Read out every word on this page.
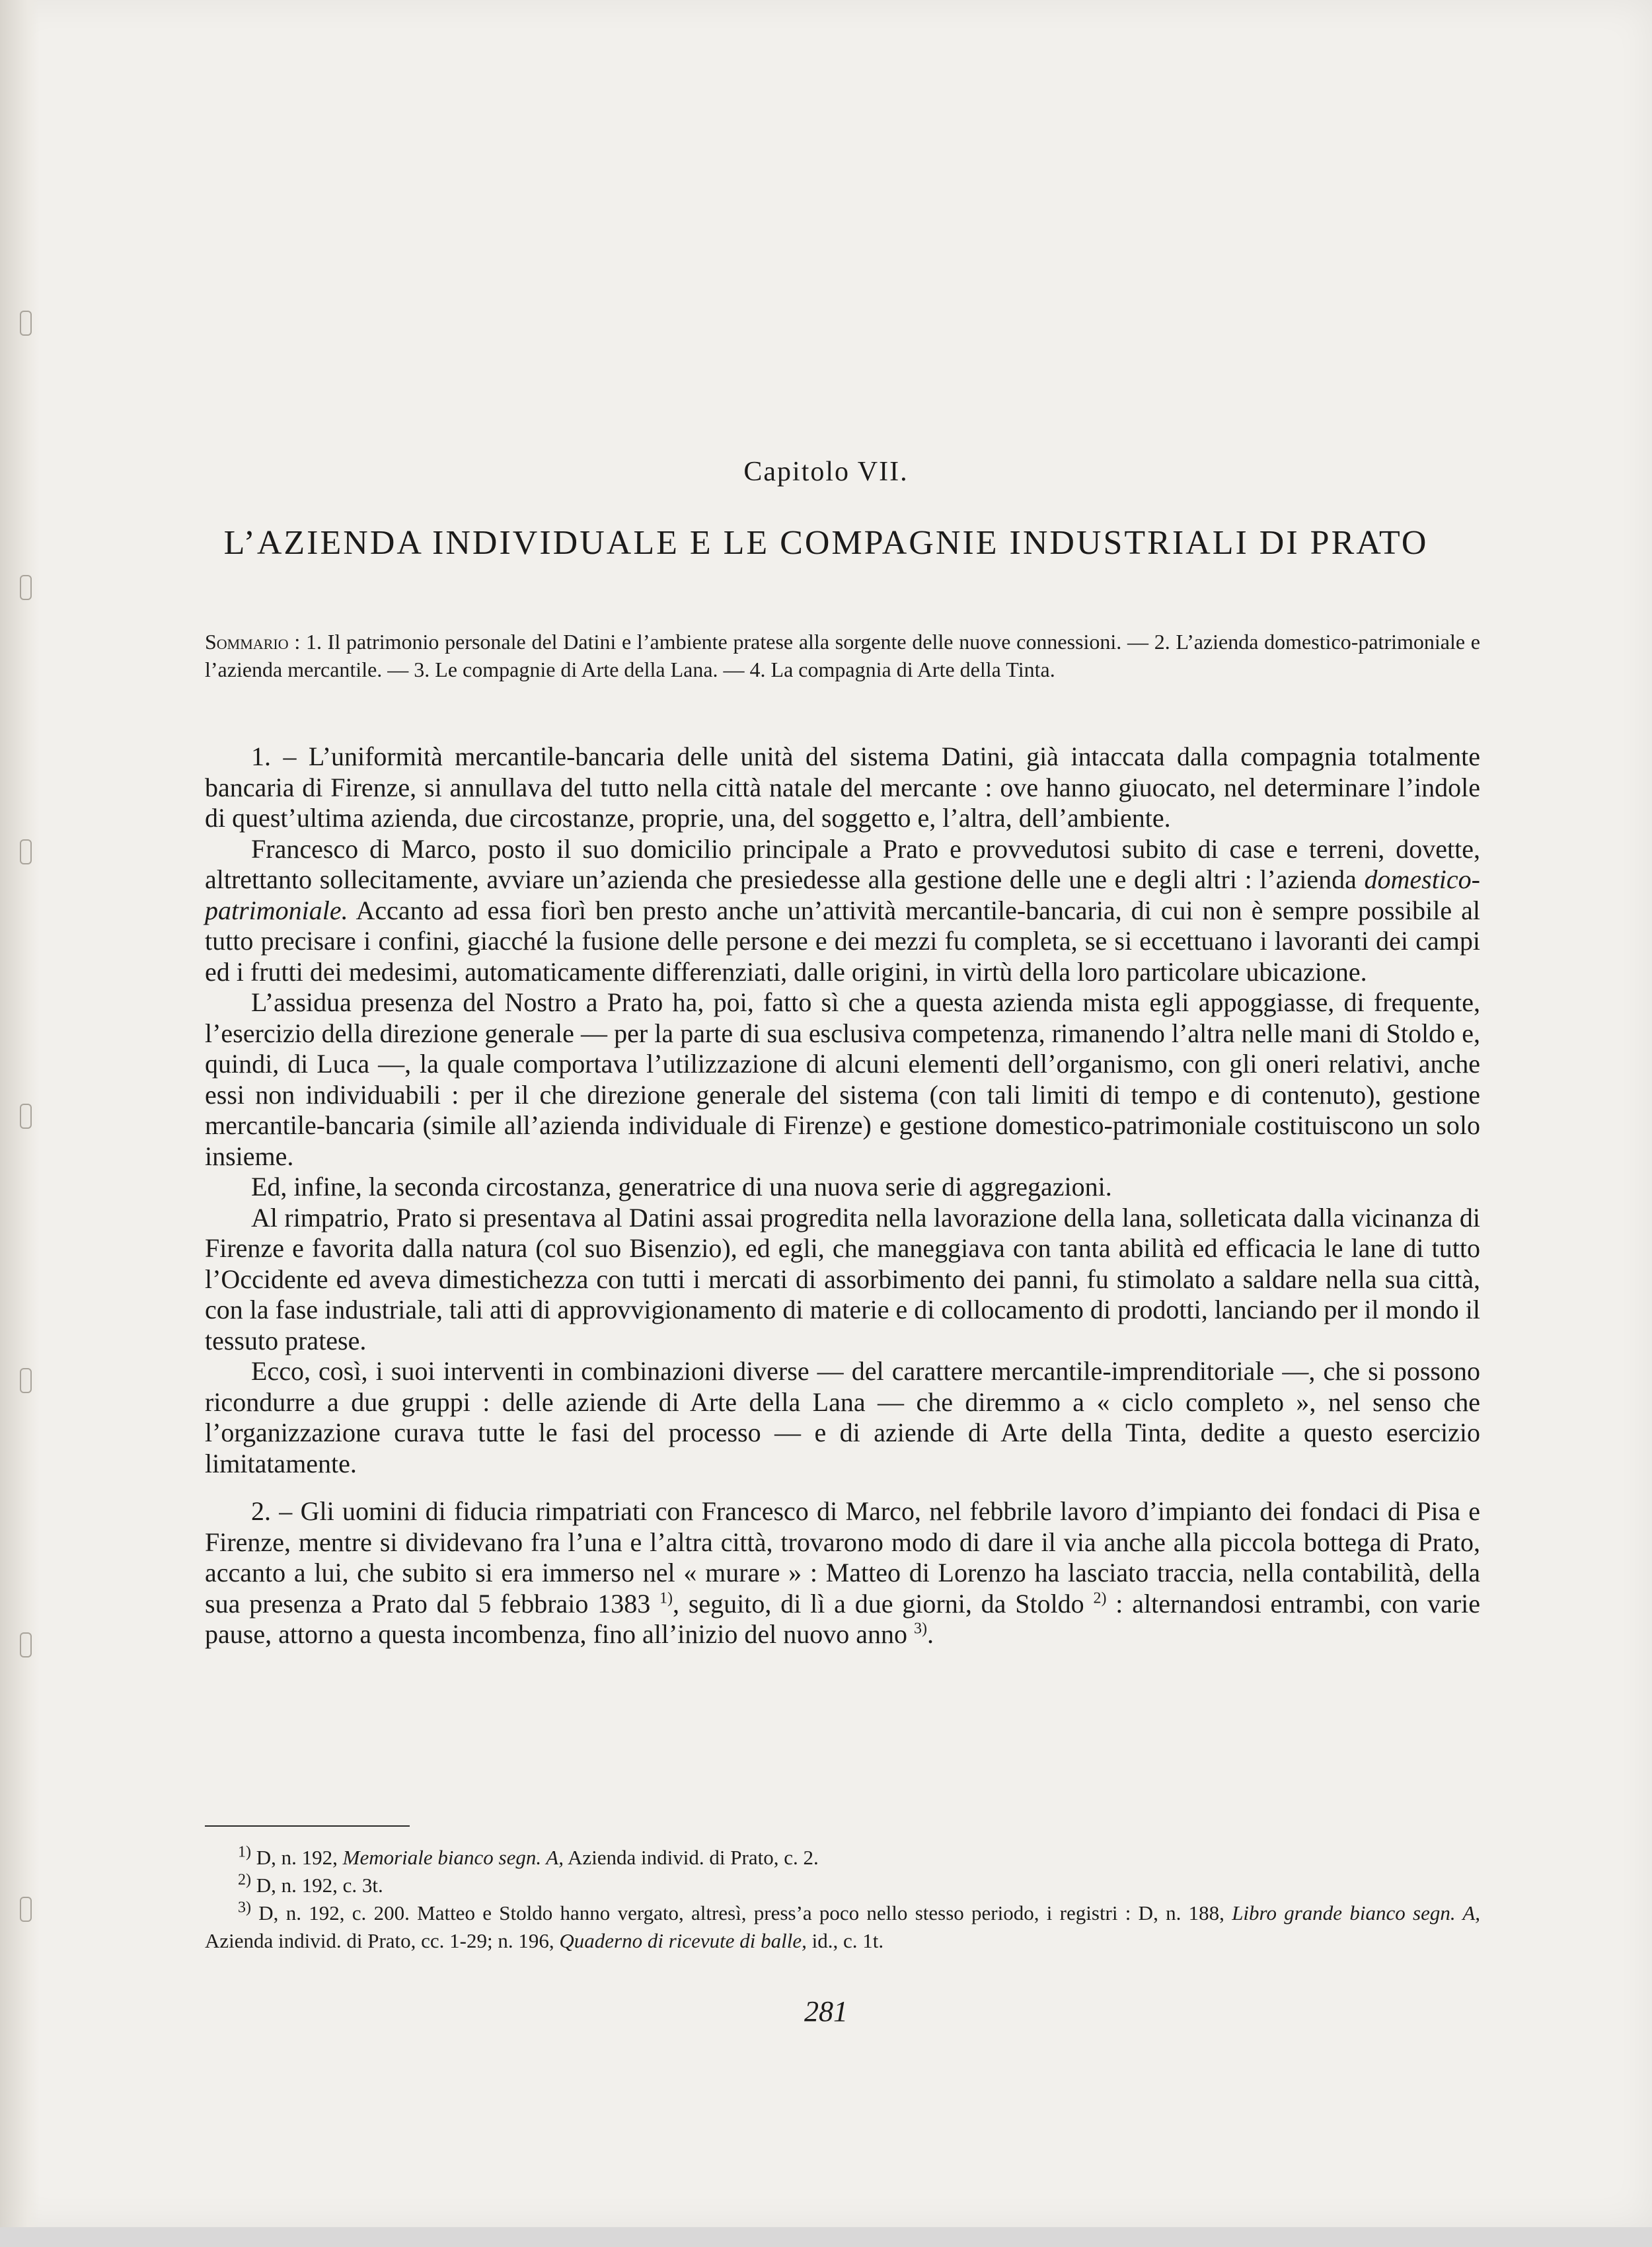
Capitolo VII.
L’AZIENDA INDIVIDUALE E LE COMPAGNIE INDUSTRIALI DI PRATO
Sommario : 1. Il patrimonio personale del Datini e l’ambiente pratese alla sorgente delle nuove connessioni. — 2. L’azienda domestico-patrimoniale e l’azienda mercantile. — 3. Le compagnie di Arte della Lana. — 4. La compagnia di Arte della Tinta.

1. – L’uniformità mercantile-bancaria delle unità del sistema Datini, già intaccata dalla compagnia totalmente bancaria di Firenze, si annullava del tutto nella città natale del mercante : ove hanno giuocato, nel determinare l’indole di quest’ultima azienda, due circostanze, proprie, una, del soggetto e, l’altra, dell’ambiente.

Francesco di Marco, posto il suo domicilio principale a Prato e provvedutosi subito di case e terreni, dovette, altrettanto sollecitamente, avviare un’azienda che presiedesse alla gestione delle une e degli altri : l’azienda domestico-patrimoniale. Accanto ad essa fiorì ben presto anche un’attività mercantile-bancaria, di cui non è sempre possibile al tutto precisare i confini, giacché la fusione delle persone e dei mezzi fu completa, se si eccettuano i lavoranti dei campi ed i frutti dei medesimi, automaticamente differenziati, dalle origini, in virtù della loro particolare ubicazione.

L’assidua presenza del Nostro a Prato ha, poi, fatto sì che a questa azienda mista egli appoggiasse, di frequente, l’esercizio della direzione generale — per la parte di sua esclusiva competenza, rimanendo l’altra nelle mani di Stoldo e, quindi, di Luca —, la quale comportava l’utilizzazione di alcuni elementi dell’organismo, con gli oneri relativi, anche essi non individuabili : per il che direzione generale del sistema (con tali limiti di tempo e di contenuto), gestione mercantile-bancaria (simile all’azienda individuale di Firenze) e gestione domestico-patrimoniale costituiscono un solo insieme.

Ed, infine, la seconda circostanza, generatrice di una nuova serie di aggregazioni.

Al rimpatrio, Prato si presentava al Datini assai progredita nella lavorazione della lana, solleticata dalla vicinanza di Firenze e favorita dalla natura (col suo Bisenzio), ed egli, che maneggiava con tanta abilità ed efficacia le lane di tutto l’Occidente ed aveva dimestichezza con tutti i mercati di assorbimento dei panni, fu stimolato a saldare nella sua città, con la fase industriale, tali atti di approvvigionamento di materie e di collocamento di prodotti, lanciando per il mondo il tessuto pratese.

Ecco, così, i suoi interventi in combinazioni diverse — del carattere mercantile-imprenditoriale —, che si possono ricondurre a due gruppi : delle aziende di Arte della Lana — che diremmo a « ciclo completo », nel senso che l’organizzazione curava tutte le fasi del processo — e di aziende di Arte della Tinta, dedite a questo esercizio limitatamente.

2. – Gli uomini di fiducia rimpatriati con Francesco di Marco, nel febbrile lavoro d’impianto dei fondaci di Pisa e Firenze, mentre si dividevano fra l’una e l’altra città, trovarono modo di dare il via anche alla piccola bottega di Prato, accanto a lui, che subito si era immerso nel « murare » : Matteo di Lorenzo ha lasciato traccia, nella contabilità, della sua presenza a Prato dal 5 febbraio 1383 $^{1)}$, seguito, di lì a due giorni, da Stoldo $^{2)}$ : alternandosi entrambi, con varie pause, attorno a questa incombenza, fino all’inizio del nuovo anno $^{3)}$.

$^{1)}$ D, n. 192, Memoriale bianco segn. A, Azienda individ. di Prato, c. 2.

$^{2)}$ D, n. 192, c. 3t.

$^{3)}$ D, n. 192, c. 200. Matteo e Stoldo hanno vergato, altresì, press’a poco nello stesso periodo, i registri : D, n. 188, Libro grande bianco segn. A, Azienda individ. di Prato, cc. 1-29; n. 196, Quaderno di ricevute di balle, id., c. 1t.

281
